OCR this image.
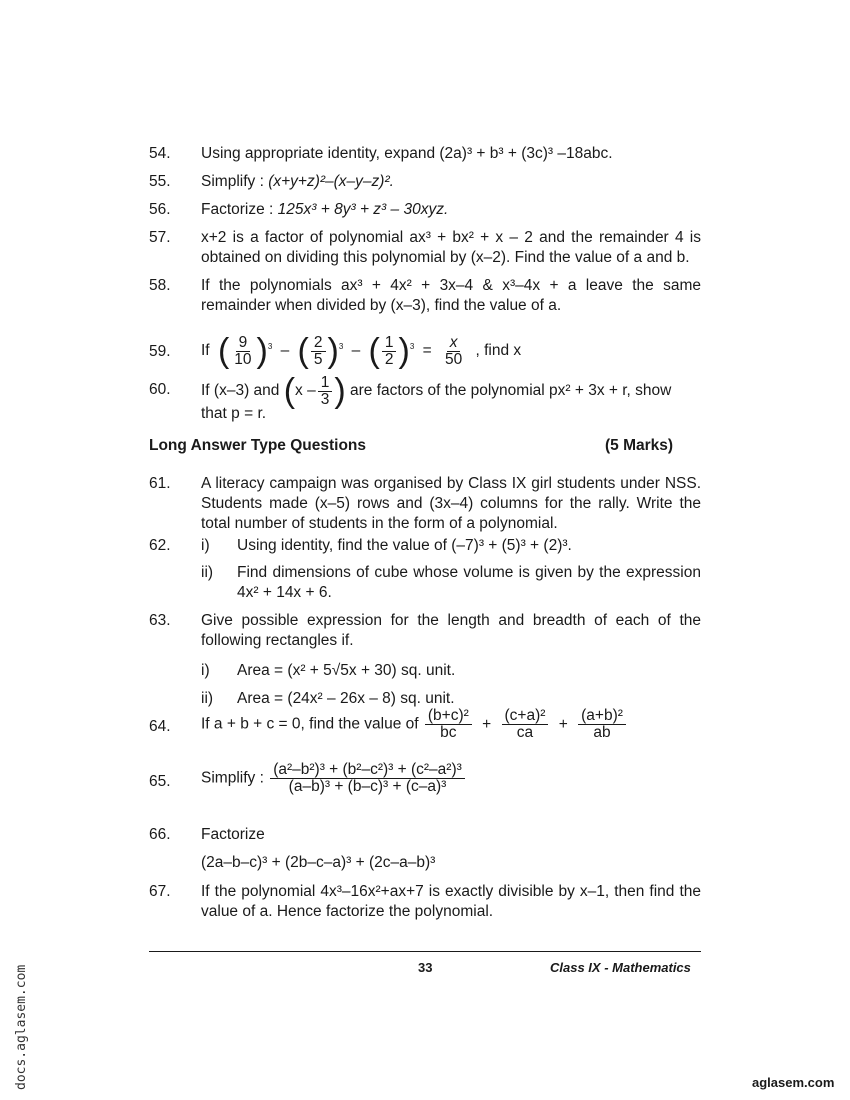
54. Using appropriate identity, expand (2a)³ + b³ + (3c)³ –18abc.
55. Simplify : (x+y+z)²–(x–y–z)².
56. Factorize : 125x³ + 8y³ + z³ – 30xyz.
57. x+2 is a factor of polynomial ax³ + bx² + x – 2 and the remainder 4 is obtained on dividing this polynomial by (x–2). Find the value of a and b.
58. If the polynomials ax³ + 4x² + 3x–4 & x³–4x + a leave the same remainder when divided by (x–3), find the value of a.
59. If ( $\frac{9}{10} )^3$ – ( $\frac{2}{5} )^3$ – ( $\frac{1}{2} )^3 = \frac{x}{50}$ , find x
60. If (x–3) and ($x - \frac{1}{3}$ ) are factors of the polynomial px² + 3x + r, show
that p = r.
Long Answer Type Questions	(5 Marks)
61. A literacy campaign was organised by Class IX girl students under NSS. Students made (x–5) rows and (3x–4) columns for the rally. Write the total number of students in the form of a polynomial.
62. i) Using identity, find the value of (–7)³ + (5)³ + (2)³.
ii) Find dimensions of cube whose volume is given by the expression 4x² + 14x + 6.
63. Give possible expression for the length and breadth of each of the following rectangles if.
i) Area = (x² + 5√5x + 30) sq. unit.
ii) Area = (24x² – 26x – 8) sq. unit.
64. If a + b + c = 0, find the value of $\frac{\text{(b+c)²}}{bc} + \frac{\text{(c+a)²}}{ca} + \frac{\text{(a+b)²}}{ab}$
65. Simplify : $\frac{\text{(a²–b²)³ + (b²–c²)³ + (c²–a²)³}}{\text{(a–b)³ + (b–c)³ + (c–a)³}}$
66. Factorize
(2a–b–c)³ + (2b–c–a)³ + (2c–a–b)³
67. If the polynomial 4x³–16x²+ax+7 is exactly divisible by x–1, then find the value of a. Hence factorize the polynomial.
33	Class IX - Mathematics
docs.aglasem.com	aglasem.com
